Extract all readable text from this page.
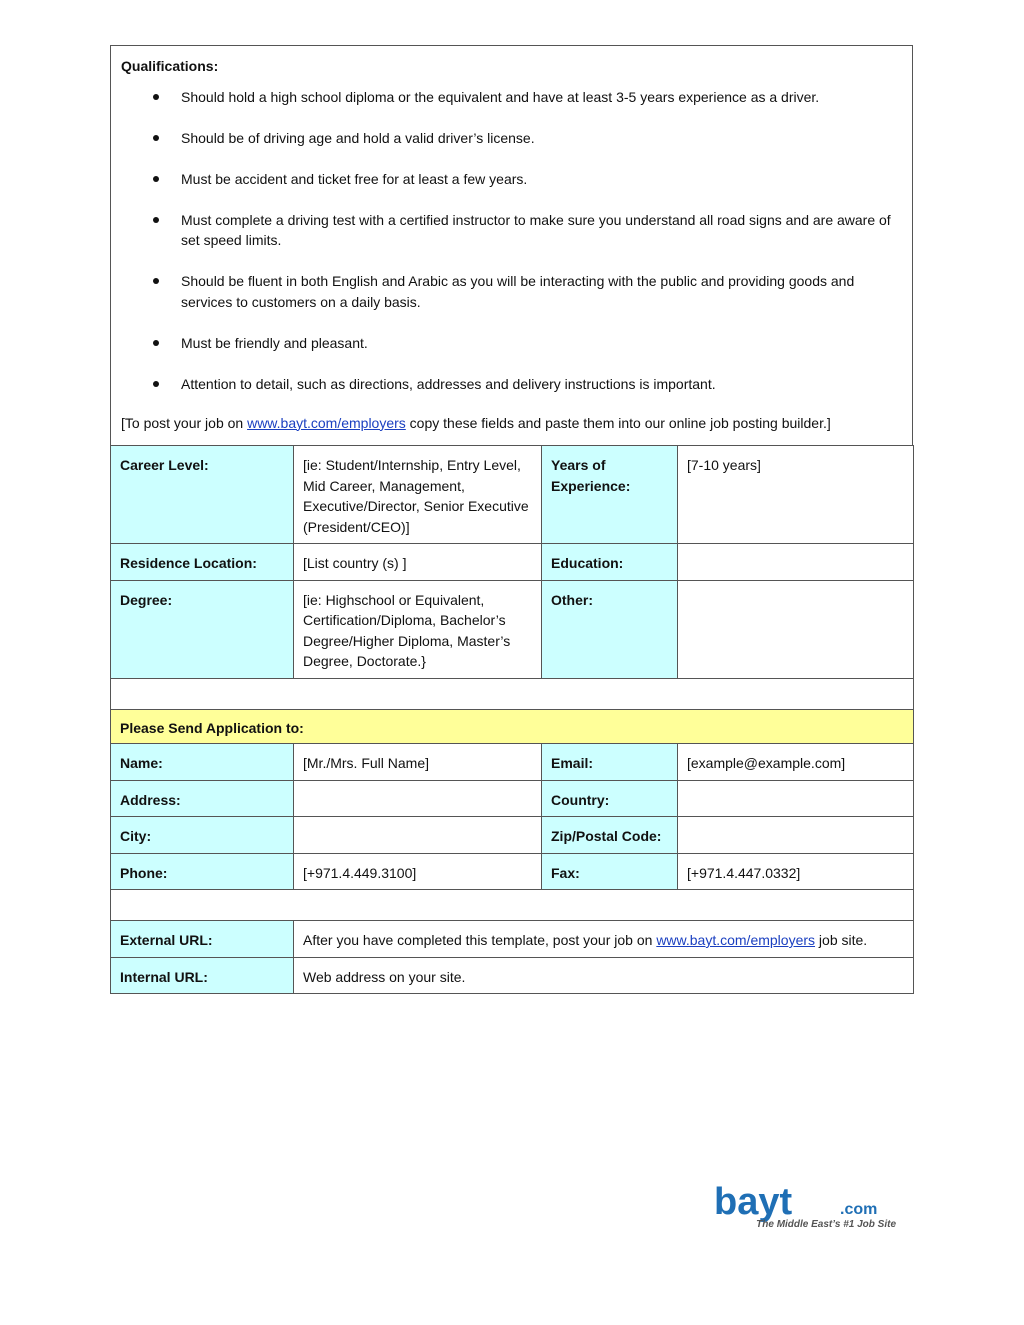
Qualifications:
Should hold a high school diploma or the equivalent and have at least 3-5 years experience as a driver.
Should be of driving age and hold a valid driver’s license.
Must be accident and ticket free for at least a few years.
Must complete a driving test with a certified instructor to make sure you understand all road signs and are aware of set speed limits.
Should be fluent in both English and Arabic as you will be interacting with the public and providing goods and services to customers on a daily basis.
Must be friendly and pleasant.
Attention to detail, such as directions, addresses and delivery instructions is important.
[To post your job on www.bayt.com/employers copy these fields and paste them into our online job posting builder.]
Career Level:	[ie: Student/Internship, Entry Level, Mid Career, Management, Executive/Director, Senior Executive (President/CEO)]	Years of Experience:	[7-10 years]
Residence Location:	[List country (s) ]	Education:	
Degree:	[ie: Highschool or Equivalent, Certification/Diploma, Bachelor’s Degree/Higher Diploma, Master’s Degree, Doctorate.}	Other:	

Please Send Application to:			
Name:	[Mr./Mrs. Full Name]	Email:	[example@example.com]
Address:		Country:	
City:		Zip/Postal Code:	
Phone:	[+971.4.449.3100]	Fax:	[+971.4.447.0332]

External URL:	After you have completed this template, post your job on www.bayt.com/employers job site.		
Internal URL:	Web address on your site.		
bayt	.com
The Middle East’s #1 Job Site
